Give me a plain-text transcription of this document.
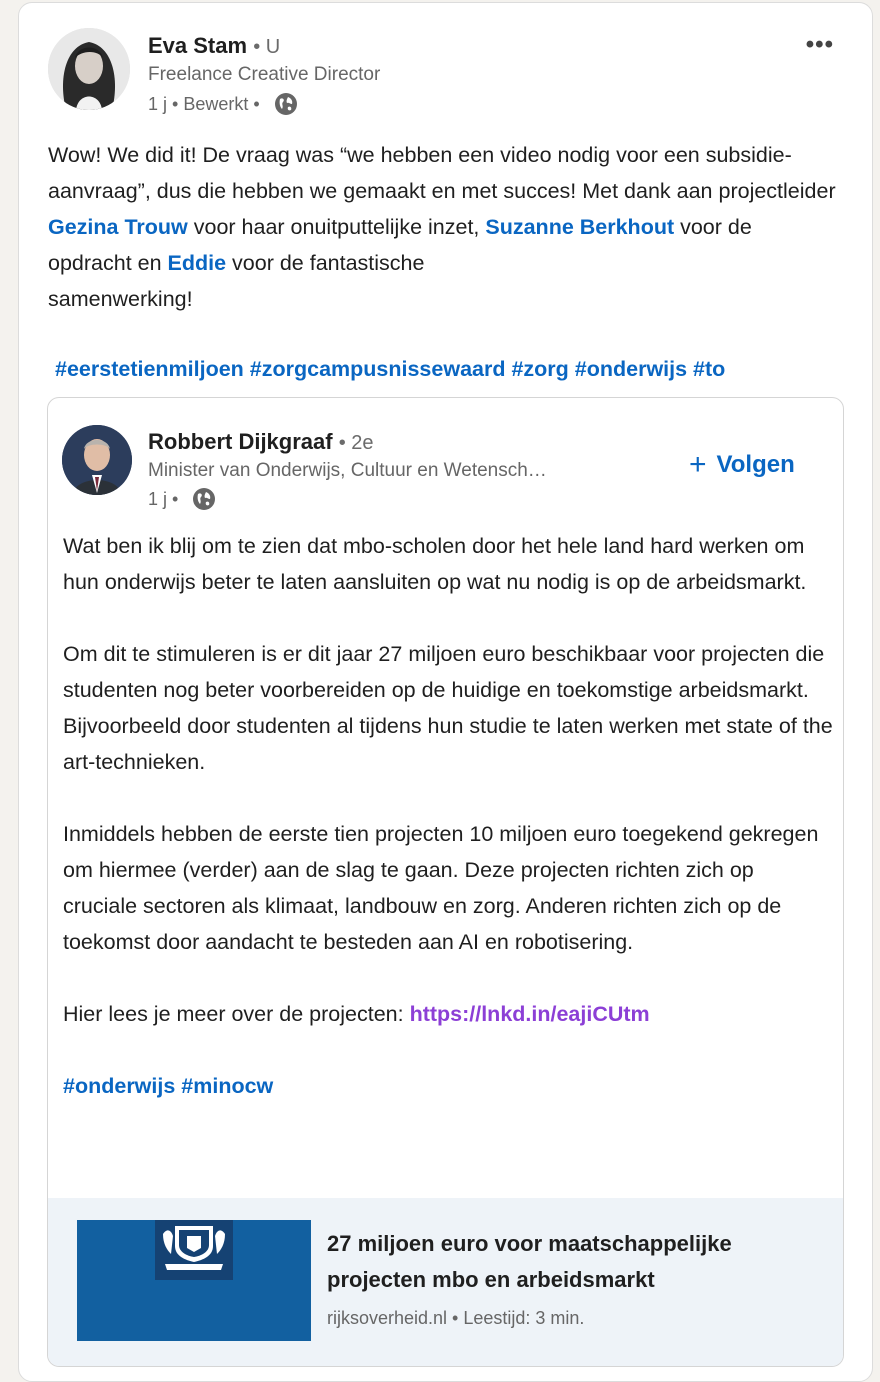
Eva Stam • U
Freelance Creative Director
1 j • Bewerkt •
•••
Wow! We did it! De vraag was “we hebben een video nodig voor een subsidie-aanvraag”, dus die hebben we gemaakt en met succes! Met dank aan projectleider Gezina Trouw voor haar onuitputtelijke inzet, Suzanne Berkhout voor de opdracht en Eddie voor de fantastische
samenwerking!
#eerstetienmiljoen #zorgcampusnissewaard #zorg #onderwijs #to
Robbert Dijkgraaf • 2e
Minister van Onderwijs, Cultuur en Wetensch…
1 j •
+ Volgen

Wat ben ik blij om te zien dat mbo-scholen door het hele land hard werken om hun onderwijs beter te laten aansluiten op wat nu nodig is op de arbeidsmarkt.

Om dit te stimuleren is er dit jaar 27 miljoen euro beschikbaar voor projecten die studenten nog beter voorbereiden op de huidige en toekomstige arbeidsmarkt. Bijvoorbeeld door studenten al tijdens hun studie te laten werken met state of the art-technieken.

Inmiddels hebben de eerste tien projecten 10 miljoen euro toegekend gekregen om hiermee (verder) aan de slag te gaan. Deze projecten richten zich op cruciale sectoren als klimaat, landbouw en zorg. Anderen richten zich op de toekomst door aandacht te besteden aan AI en robotisering.

Hier lees je meer over de projecten: https://lnkd.in/eajiCUtm

#onderwijs #minocw

27 miljoen euro voor maatschappelijke projecten mbo en arbeidsmarkt
rijksoverheid.nl • Leestijd: 3 min.
